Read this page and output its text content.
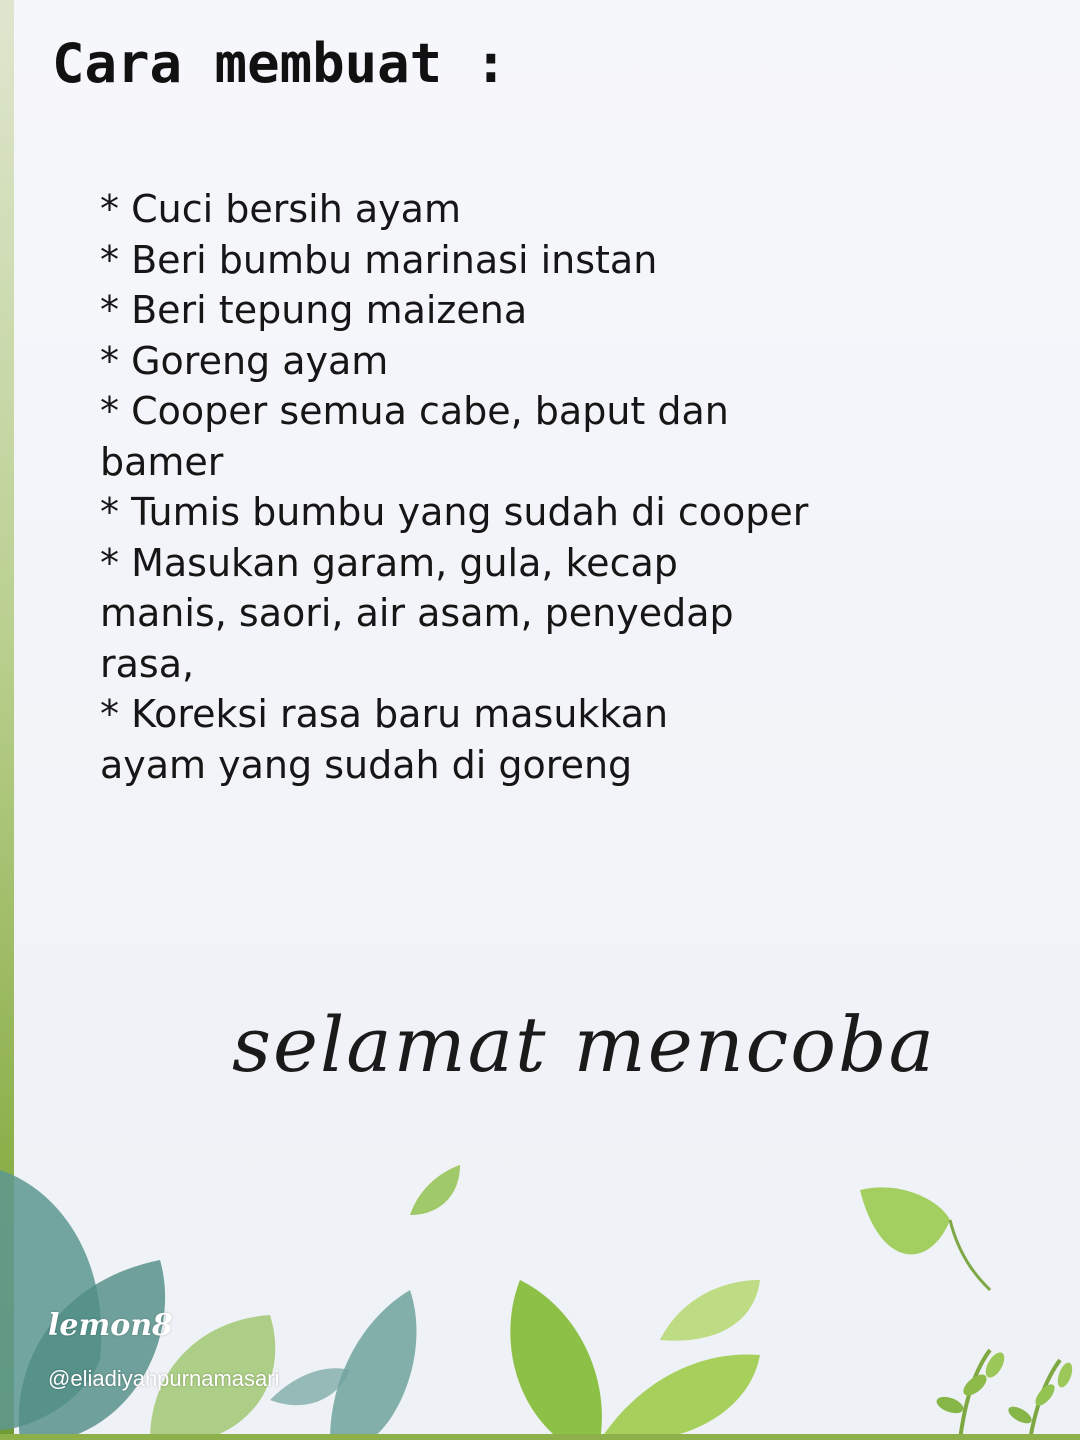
Cara membuat :
* Cuci bersih ayam
* Beri bumbu marinasi instan
* Beri tepung maizena
* Goreng ayam
* Cooper semua cabe, baput dan bamer
* Tumis bumbu yang sudah di cooper
* Masukan garam, gula, kecap manis, saori, air asam, penyedap rasa,
* Koreksi rasa baru masukkan ayam yang sudah di goreng
selamat mencoba
lemon8
@eliadiyahpurnamasari
